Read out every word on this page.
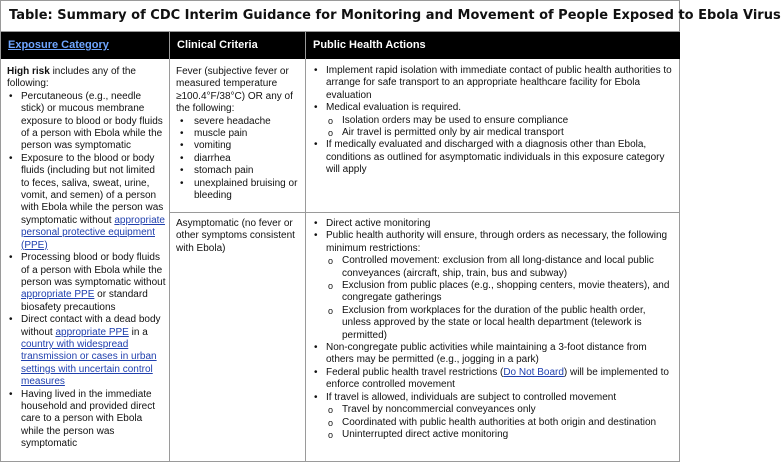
Table: Summary of CDC Interim Guidance for Monitoring and Movement of People Exposed to Ebola Virus
Exposure Category	Clinical Criteria	Public Health Actions
High risk includes any of the following:
• Percutaneous (e.g., needle stick) or mucous membrane exposure to blood or body fluids of a person with Ebola while the person was symptomatic
• Exposure to the blood or body fluids (including but not limited to feces, saliva, sweat, urine, vomit, and semen) of a person with Ebola while the person was symptomatic without appropriate personal protective equipment (PPE)
• Processing blood or body fluids of a person with Ebola while the person was symptomatic without appropriate PPE or standard biosafety precautions
• Direct contact with a dead body without appropriate PPE in a country with widespread transmission or cases in urban settings with uncertain control measures
• Having lived in the immediate household and provided direct care to a person with Ebola while the person was symptomatic
Fever (subjective fever or measured temperature ≥100.4°F/38°C) OR any of the following:
• severe headache
• muscle pain
• vomiting
• diarrhea
• stomach pain
• unexplained bruising or bleeding
Asymptomatic (no fever or other symptoms consistent with Ebola)
• Implement rapid isolation with immediate contact of public health authorities to arrange for safe transport to an appropriate healthcare facility for Ebola evaluation
• Medical evaluation is required.
o Isolation orders may be used to ensure compliance
o Air travel is permitted only by air medical transport
• If medically evaluated and discharged with a diagnosis other than Ebola, conditions as outlined for asymptomatic individuals in this exposure category will apply
• Direct active monitoring
• Public health authority will ensure, through orders as necessary, the following minimum restrictions:
o Controlled movement: exclusion from all long-distance and local public conveyances (aircraft, ship, train, bus and subway)
o Exclusion from public places (e.g., shopping centers, movie theaters), and congregate gatherings
o Exclusion from workplaces for the duration of the public health order, unless approved by the state or local health department (telework is permitted)
• Non-congregate public activities while maintaining a 3-foot distance from others may be permitted (e.g., jogging in a park)
• Federal public health travel restrictions (Do Not Board) will be implemented to enforce controlled movement
• If travel is allowed, individuals are subject to controlled movement
o Travel by noncommercial conveyances only
o Coordinated with public health authorities at both origin and destination
o Uninterrupted direct active monitoring
